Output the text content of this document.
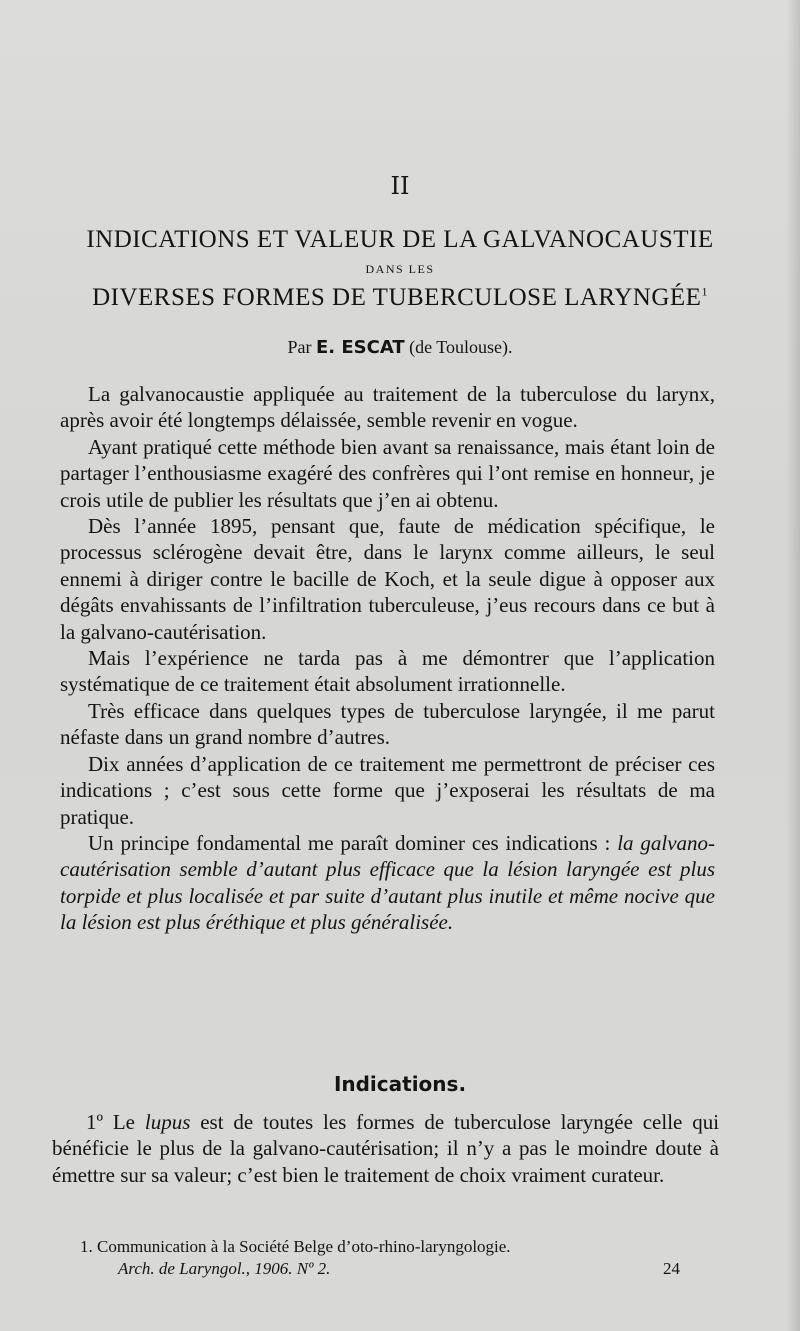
II
INDICATIONS ET VALEUR DE LA GALVANOCAUSTIE
DANS LES
DIVERSES FORMES DE TUBERCULOSE LARYNGÉE$^1$
Par E. ESCAT (de Toulouse).

La galvanocaustie appliquée au traitement de la tuberculose du larynx, après avoir été longtemps délaissée, semble revenir en vogue.

Ayant pratiqué cette méthode bien avant sa renaissance, mais étant loin de partager l’enthousiasme exagéré des confrères qui l’ont remise en honneur, je crois utile de publier les résultats que j’en ai obtenu.

Dès l’année 1895, pensant que, faute de médication spécifique, le processus sclérogène devait être, dans le larynx comme ailleurs, le seul ennemi à diriger contre le bacille de Koch, et la seule digue à opposer aux dégâts envahissants de l’infiltration tuberculeuse, j’eus recours dans ce but à la galvano-cautérisation.

Mais l’expérience ne tarda pas à me démontrer que l’application systématique de ce traitement était absolument irrationnelle.

Très efficace dans quelques types de tuberculose laryngée, il me parut néfaste dans un grand nombre d’autres.

Dix années d’application de ce traitement me permettront de préciser ces indications ; c’est sous cette forme que j’exposerai les résultats de ma pratique.

Un principe fondamental me paraît dominer ces indications : la galvano-cautérisation semble d’autant plus efficace que la lésion laryngée est plus torpide et plus localisée et par suite d’autant plus inutile et même nocive que la lésion est plus éréthique et plus généralisée.

Indications.

1º Le lupus est de toutes les formes de tuberculose laryngée celle qui bénéficie le plus de la galvano-cautérisation; il n’y a pas le moindre doute à émettre sur sa valeur; c’est bien le traitement de choix vraiment curateur.

1. Communication à la Société Belge d’oto-rhino-laryngologie.
Arch. de Laryngol., 1906. Nº 2.	24
